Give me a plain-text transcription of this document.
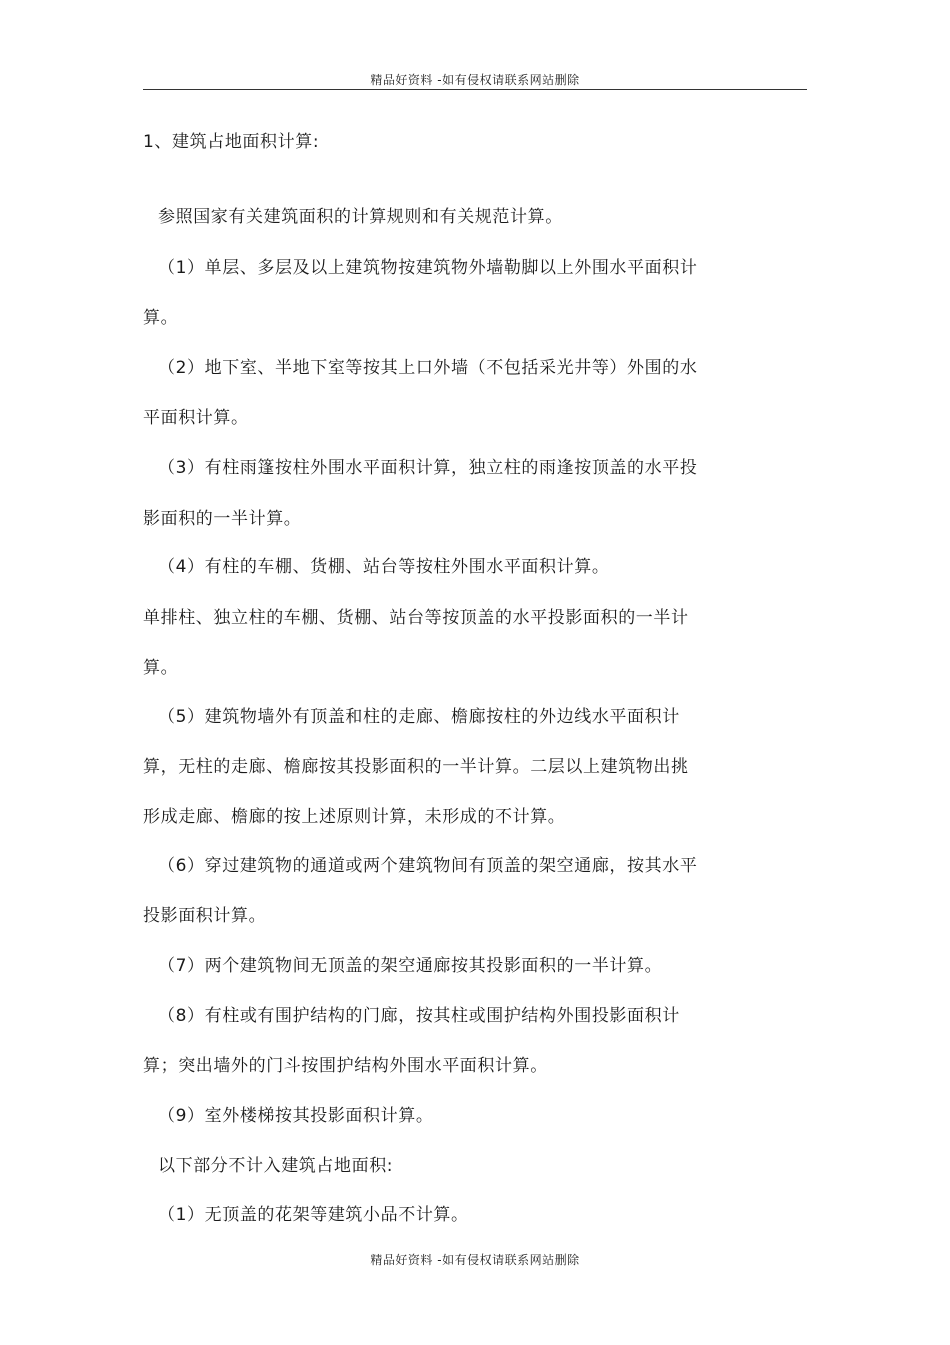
精品好资料 -如有侵权请联系网站删除
1、建筑占地面积计算:
参照国家有关建筑面积的计算规则和有关规范计算。
（1）单层、多层及以上建筑物按建筑物外墙勒脚以上外围水平面积计
算。
（2）地下室、半地下室等按其上口外墙（不包括采光井等）外围的水
平面积计算。
（3）有柱雨篷按柱外围水平面积计算，独立柱的雨逢按顶盖的水平投
影面积的一半计算。
（4）有柱的车棚、货棚、站台等按柱外围水平面积计算。
单排柱、独立柱的车棚、货棚、站台等按顶盖的水平投影面积的一半计
算。
（5）建筑物墙外有顶盖和柱的走廊、檐廊按柱的外边线水平面积计
算，无柱的走廊、檐廊按其投影面积的一半计算。二层以上建筑物出挑
形成走廊、檐廊的按上述原则计算，未形成的不计算。
（6）穿过建筑物的通道或两个建筑物间有顶盖的架空通廊，按其水平
投影面积计算。
（7）两个建筑物间无顶盖的架空通廊按其投影面积的一半计算。
（8）有柱或有围护结构的门廊，按其柱或围护结构外围投影面积计
算；突出墙外的门斗按围护结构外围水平面积计算。
（9）室外楼梯按其投影面积计算。
以下部分不计入建筑占地面积:
（1）无顶盖的花架等建筑小品不计算。
精品好资料 -如有侵权请联系网站删除
